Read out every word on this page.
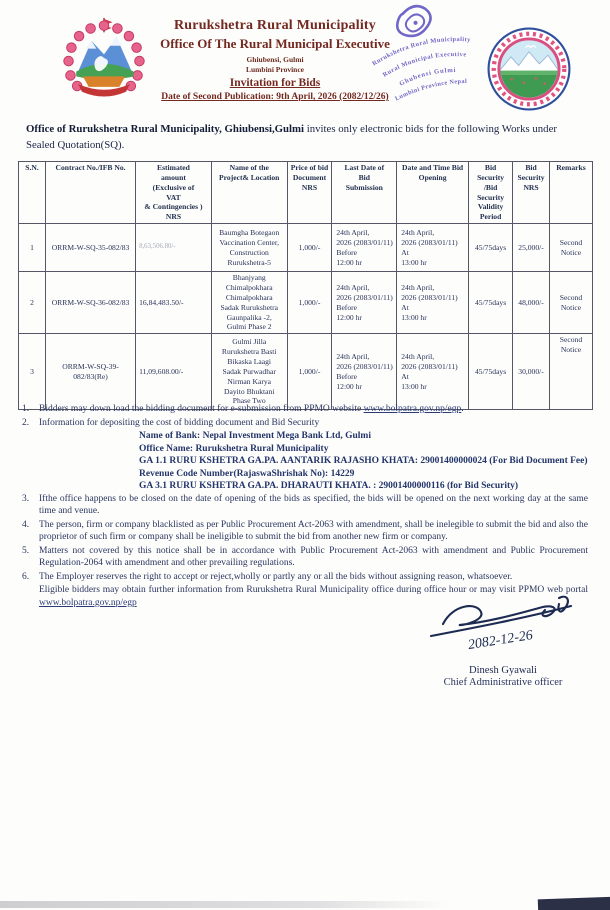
Rurukshetra Rural Municipality
Office Of The Rural Municipal Executive
Ghiubensi, Gulmi
Lumbini Province
Invitation for Bids
Date of Second Publication: 9th April, 2026 (2082/12/26)
Rurukshetra Rural Municipality
Rural Municipal Executive
Ghubensi Gulmi
Lumbini Province Nepal
Office of Rurukshetra Rural Municipality, Ghiubensi,Gulmi invites only electronic bids for the following Works under Sealed Quotation(SQ).
S.N.	Contract No./IFB No.	Estimated
amount
(Exclusive of
VAT
& Contingencies )
NRS	Name of the
Project& Location	Price of bid
Document
NRS	Last Date of
Bid
Submission	Date and Time Bid
Opening	Bid
Security
/Bid
Security
Validity
Period	Bid
Security
NRS	Remarks
1	ORRM-W-SQ-35-082/83	8,63,506.80/-	Baumgha Botegaon
Vaccination Center,
Construction
Rurukshetra-5	1,000/-	24th April,
2026 (2083/01/11)
Before
12:00 hr	24th April,
2026 (2083/01/11)
At
13:00 hr	45/75days	25,000/-	Second
Notice
2	ORRM-W-SQ-36-082/83	16,84,483.50/-	Bhanjyang
Chimalpokhara
Chimalpokhara
Sadak Rurukshetra
Gaunpalika -2,
Gulmi Phase 2	1,000/-	24th April,
2026 (2083/01/11)
Before
12:00 hr	24th April,
2026 (2083/01/11)
At
13:00 hr	45/75days	48,000/-	Second
Notice
3	ORRM-W-SQ-39-
082/83(Re)	11,09,608.00/-	Gulmi Jilla
Rurukshetra Basti
Bikaska Laagi
Sadak Purwadhar
Nirman Karya
Dayito Bhuktani
Phase Two	1,000/-	24th April,
2026 (2083/01/11)
Before
12:00 hr	24th April,
2026 (2083/01/11)
At
13:00 hr	45/75days	30,000/-	Second
Notice
1.	Bidders may down load the bidding document for e-submission from PPMO website www.bolpatra.gov.np/egp.
2.	Information for depositing the cost of bidding document and Bid Security
Name of Bank: Nepal Investment Mega Bank Ltd, Gulmi
Office Name: Rurukshetra Rural Municipality
GA 1.1 RURU KSHETRA GA.PA. AANTARIK RAJASHO KHATA: 29001400000024 (For Bid Document Fee)
Revenue Code Number(RajaswaShrishak No): 14229
GA 3.1 RURU KSHETRA GA.PA. DHARAUTI KHATA. : 29001400000116 (for Bid Security)
3.	Ifthe office happens to be closed on the date of opening of the bids as specified, the bids will be opened on the next working day at the same time and venue.
4.	The person, firm or company blacklisted as per Public Procurement Act-2063 with amendment, shall be inelegible to submit the bid and also the proprietor of such firm or company shall be ineligible to submit the bid from another new firm or company.
5.	Matters not covered by this notice shall be in accordance with Public Procurement Act-2063 with amendment and Public Procurement Regulation-2064 with amendment and other prevailing regulations.
6.	The Employer reserves the right to accept or reject,wholly or partly any or all the bids without assigning reason, whatsoever.
Eligible bidders may obtain further information from Rurukshetra Rural Municipality office during office hour or may visit PPMO web portal www.bolpatra.gov.np/egp
2082-12-26
Dinesh Gyawali
Chief Administrative officer
